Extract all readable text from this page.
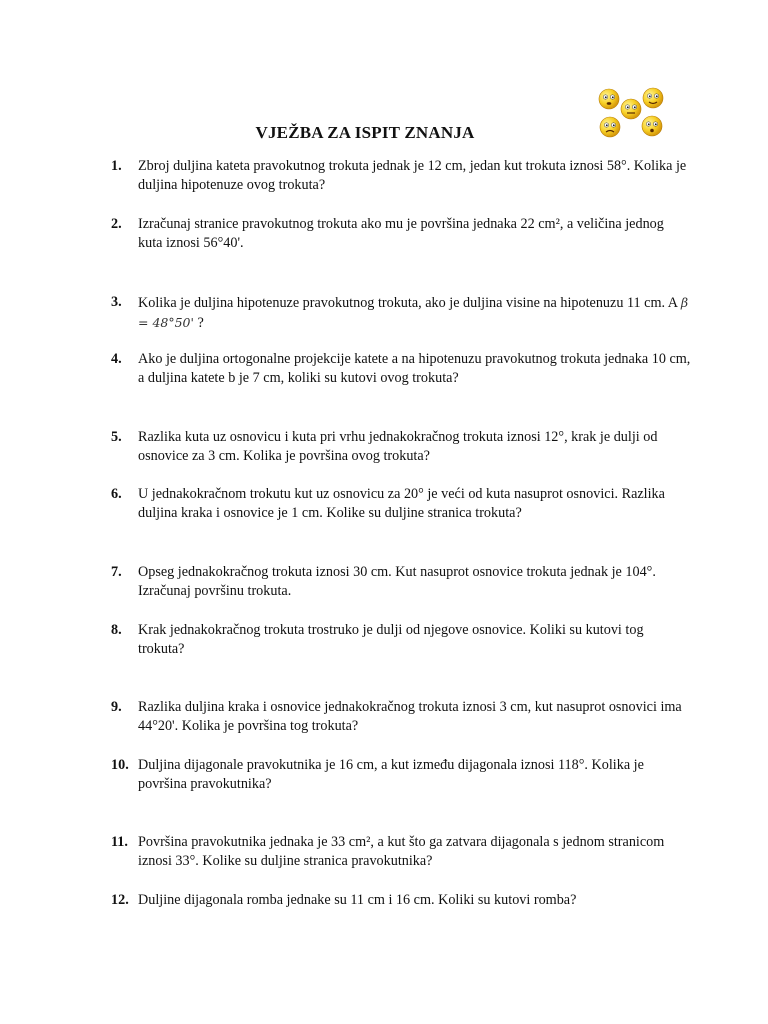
VJEŽBA ZA ISPIT ZNANJA
1. Zbroj duljina kateta pravokutnog trokuta jednak je 12 cm, jedan kut trokuta iznosi 58°. Kolika je duljina hipotenuze ovog trokuta?
2. Izračunaj stranice pravokutnog trokuta ako mu je površina jednaka 22 cm², a veličina jednog kuta iznosi 56°40'.
3. Kolika je duljina hipotenuze pravokutnog trokuta, ako je duljina visine na hipotenuzu 11 cm. A β = 48°50' ?
4. Ako je duljina ortogonalne projekcije katete a na hipotenuzu pravokutnog trokuta jednaka 10 cm, a duljina katete b je 7 cm, koliki su kutovi ovog trokuta?
5. Razlika kuta uz osnovicu i kuta pri vrhu jednakokračnog trokuta iznosi 12°, krak je dulji od osnovice za 3 cm. Kolika je površina ovog trokuta?
6. U jednakokračnom trokutu kut uz osnovicu za 20° je veći od kuta nasuprot osnovici. Razlika duljina kraka i osnovice je 1 cm. Kolike su duljine stranica trokuta?
7. Opseg jednakokračnog trokuta iznosi 30 cm. Kut nasuprot osnovice trokuta jednak je 104°. Izračunaj površinu trokuta.
8. Krak jednakokračnog trokuta trostruko je dulji od njegove osnovice. Koliki su kutovi tog trokuta?
9. Razlika duljina kraka i osnovice jednakokračnog trokuta iznosi 3 cm, kut nasuprot osnovici ima 44°20'. Kolika je površina tog trokuta?
10. Duljina dijagonale pravokutnika je 16 cm, a kut između dijagonala iznosi 118°. Kolika je površina pravokutnika?
11. Površina pravokutnika jednaka je 33 cm², a kut što ga zatvara dijagonala s jednom stranicom iznosi 33°. Kolike su duljine stranica pravokutnika?
12. Duljine dijagonala romba jednake su 11 cm i 16 cm. Koliki su kutovi romba?
